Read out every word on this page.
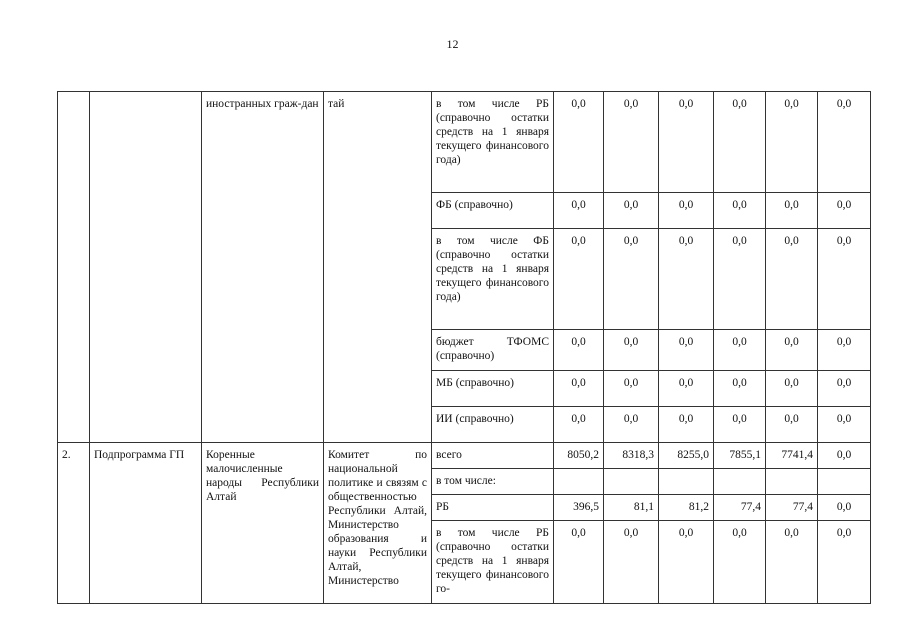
12
		иностранных граж-дан	тай	в том числе РБ (справочно остатки средств на 1 января текущего финансового года)	0,0	0,0	0,0	0,0	0,0	0,0
				ФБ (справочно)	0,0	0,0	0,0	0,0	0,0	0,0
				в том числе ФБ (справочно остатки средств на 1 января текущего финансового года)	0,0	0,0	0,0	0,0	0,0	0,0
				бюджет ТФОМС (справочно)	0,0	0,0	0,0	0,0	0,0	0,0
				МБ (справочно)	0,0	0,0	0,0	0,0	0,0	0,0
				ИИ (справочно)	0,0	0,0	0,0	0,0	0,0	0,0
2.	Подпрограмма ГП	Коренные малочисленные народы Республики Алтай	Комитет по национальной политике и связям с общественностью Республики Алтай, Министерство образования и науки Республики Алтай, Министерство	всего	8050,2	8318,3	8255,0	7855,1	7741,4	0,0
				в том числе:						
				РБ	396,5	81,1	81,2	77,4	77,4	0,0
				в том числе РБ (справочно остатки средств на 1 января текущего финансового го-	0,0	0,0	0,0	0,0	0,0	0,0
